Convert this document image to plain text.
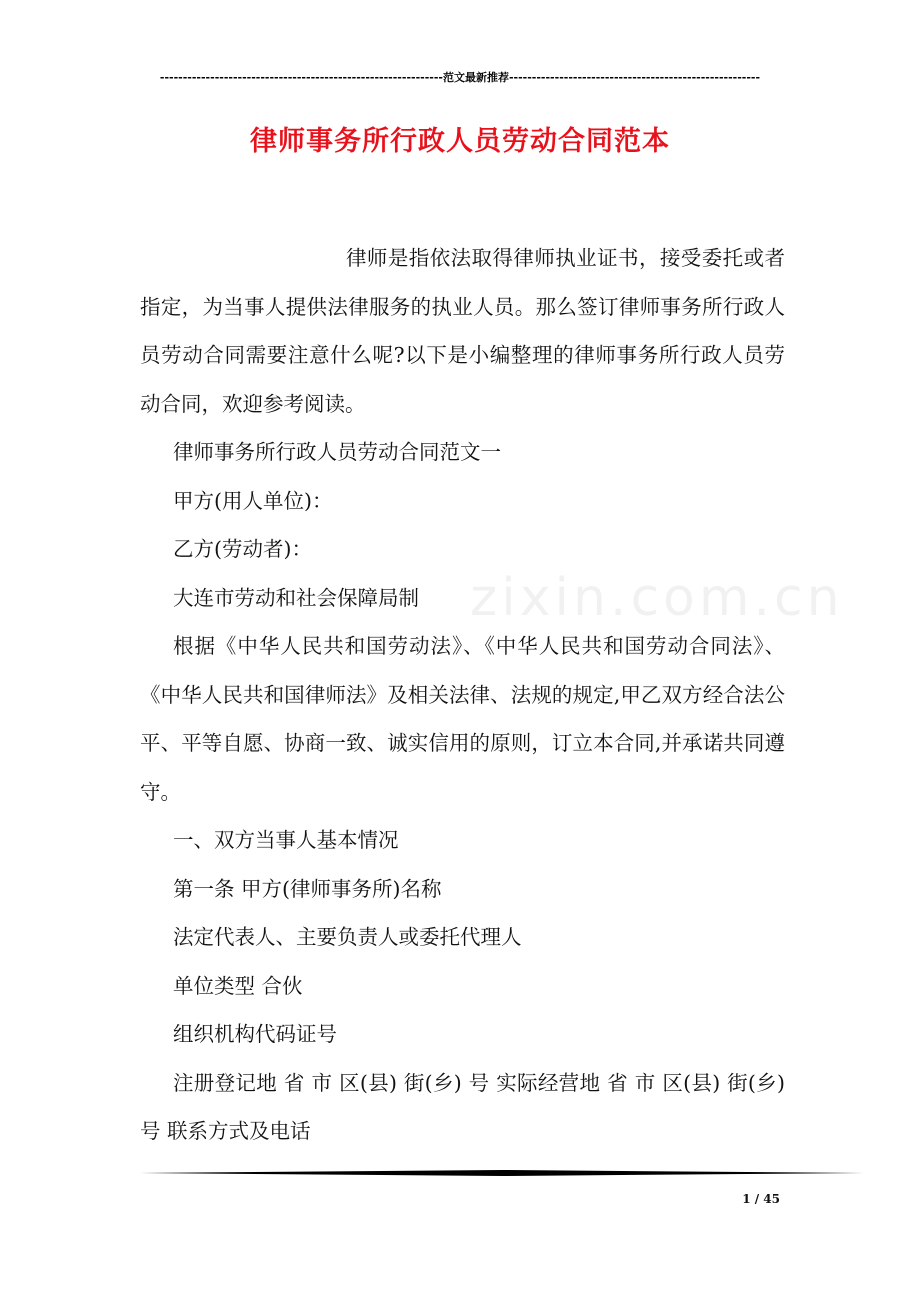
--------------------------------------------------------------范文最新推荐-------------------------------------------------------
律师事务所行政人员劳动合同范本
zixin.com.cn

律师是指依法取得律师执业证书，接受委托或者指定，为当事人提供法律服务的执业人员。那么签订律师事务所行政人员劳动合同需要注意什么呢?以下是小编整理的律师事务所行政人员劳动合同，欢迎参考阅读。

律师事务所行政人员劳动合同范文一

甲方(用人单位)：

乙方(劳动者)：

大连市劳动和社会保障局制

根据《中华人民共和国劳动法》、《中华人民共和国劳动合同法》、《中华人民共和国律师法》及相关法律、法规的规定,甲乙双方经合法公平、平等自愿、协商一致、诚实信用的原则，订立本合同,并承诺共同遵守。

一、双方当事人基本情况

第一条 甲方(律师事务所)名称

法定代表人、主要负责人或委托代理人

单位类型 合伙

组织机构代码证号

注册登记地 省 市 区(县) 街(乡) 号 实际经营地 省 市 区(县) 街(乡) 号 联系方式及电话

1 / 45
